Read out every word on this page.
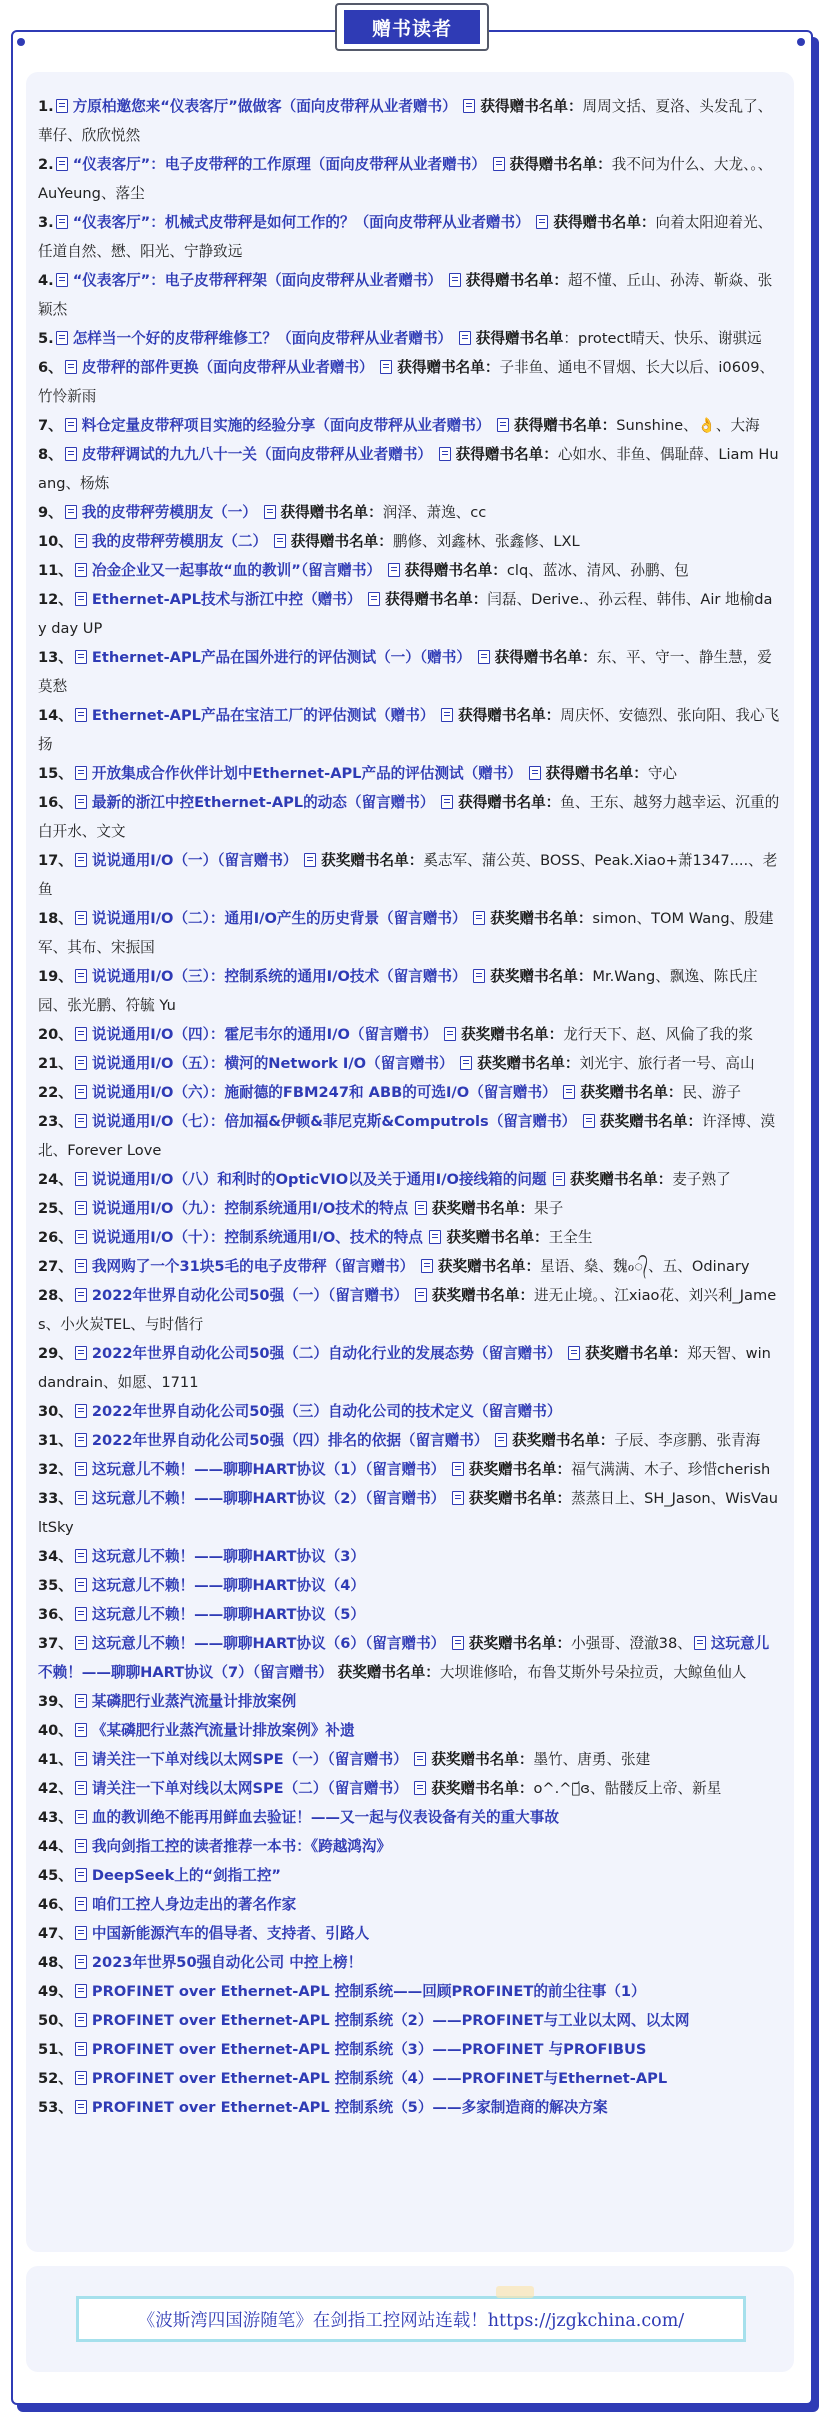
赠书读者

1. 方原柏邀您来“仪表客厅”做做客（面向皮带秤从业者赠书） 获得赠书名单：周周文括、夏洛、头发乱了、華仔、欣欣悦然

2. “仪表客厅”：电子皮带秤的工作原理（面向皮带秤从业者赠书） 获得赠书名单：我不问为什么、大龙、。、AuYeung、落尘

3. “仪表客厅”：机械式皮带秤是如何工作的？（面向皮带秤从业者赠书） 获得赠书名单：向着太阳迎着光、任道自然、懋、阳光、宁静致远

4. “仪表客厅”：电子皮带秤秤架（面向皮带秤从业者赠书） 获得赠书名单：超不懂、丘山、孙涛、靳焱、张颖杰

5. 怎样当一个好的皮带秤维修工？（面向皮带秤从业者赠书） 获得赠书名单：protect晴天、快乐、谢骐远

6、 皮带秤的部件更换（面向皮带秤从业者赠书） 获得赠书名单：子非鱼、通电不冒烟、长大以后、i0609、竹怜新雨

7、 料仓定量皮带秤项目实施的经验分享（面向皮带秤从业者赠书） 获得赠书名单：Sunshine、👌、大海

8、 皮带秤调试的九九八十一关（面向皮带秤从业者赠书） 获得赠书名单：心如水、非鱼、偶耻薛、Liam Huang、杨炼

9、 我的皮带秤劳模朋友（一） 获得赠书名单：润泽、萧逸、cc

10、 我的皮带秤劳模朋友（二） 获得赠书名单：鹏修、刘鑫林、张鑫修、LXL

11、 冶金企业又一起事故“血的教训”（留言赠书） 获得赠书名单：clq、蓝冰、清风、孙鹏、包

12、 Ethernet-APL技术与浙江中控（赠书） 获得赠书名单：闫磊、Derive.、孙云程、韩伟、Air 地榆day day UP

13、 Ethernet-APL产品在国外进行的评估测试（一）（赠书） 获得赠书名单：东、平、守一、静生慧，爱莫愁

14、 Ethernet-APL产品在宝洁工厂的评估测试（赠书） 获得赠书名单：周庆怀、安德烈、张向阳、我心飞扬

15、 开放集成合作伙伴计划中Ethernet-APL产品的评估测试（赠书） 获得赠书名单：守心

16、 最新的浙江中控Ethernet-APL的动态（留言赠书） 获得赠书名单：鱼、王东、越努力越幸运、沉重的白开水、文文

17、 说说通用I/O（一）（留言赠书） 获奖赠书名单：奚志军、蒲公英、BOSS、Peak.Xiao+萧1347....、老鱼

18、 说说通用I/O（二）：通用I/O产生的历史背景（留言赠书） 获奖赠书名单：simon、TOM Wang、殷建军、其布、宋振国

19、 说说通用I/O（三）：控制系统的通用I/O技术（留言赠书） 获奖赠书名单：Mr.Wang、飘逸、陈氏庄园、张光鹏、符毓 Yu

20、 说说通用I/O（四）：霍尼韦尔的通用I/O（留言赠书） 获奖赠书名单：龙行天下、赵、风倫了我的浆

21、 说说通用I/O（五）：横河的Network I/O（留言赠书） 获奖赠书名单：刘光宇、旅行者一号、高山

22、 说说通用I/O（六）：施耐德的FBM247和 ABB的可选I/O（留言赠书） 获奖赠书名单：民、游子

23、 说说通用I/O（七）：倍加福&伊顿&菲尼克斯&Computrols（留言赠书） 获奖赠书名单：许泽博、漠北、Forever Love

24、 说说通用I/O（八）和利时的OpticVIO以及关于通用I/O接线箱的问题 获奖赠书名单：麦子熟了

25、 说说通用I/O（九）：控制系统通用I/O技术的特点 获奖赠书名单：果子

26、 说说通用I/O（十）：控制系统通用I/O、技术的特点 获奖赠书名单：王全生

27、 我网购了一个31块5毛的电子皮带秤（留言赠书） 获奖赠书名单：星语、燊、魏ℴ᭄、五、Odinary

28、 2022年世界自动化公司50强（一）（留言赠书） 获奖赠书名单：进无止境。、江xiao花、刘兴利_James、小火炭TEL、与时偕行

29、 2022年世界自动化公司50强（二）自动化行业的发展态势（留言赠书） 获奖赠书名单：郑天智、windandrain、如愿、1711

30、 2022年世界自动化公司50强（三）自动化公司的技术定义（留言赠书）

31、 2022年世界自动化公司50强（四）排名的依据（留言赠书） 获奖赠书名单：子辰、李彦鹏、张青海

32、 这玩意儿不赖！——聊聊HART协议（1）（留言赠书） 获奖赠书名单：福气满满、木子、珍惜cherish

33、 这玩意儿不赖！——聊聊HART协议（2）（留言赠书） 获奖赠书名单：蒸蒸日上、SH_Jason、WisVaultSky

34、 这玩意儿不赖！——聊聊HART协议（3）

35、 这玩意儿不赖！——聊聊HART协议（4）

36、 这玩意儿不赖！——聊聊HART协议（5）

37、 这玩意儿不赖！——聊聊HART协议（6）（留言赠书） 获奖赠书名单：小强哥、澄澈38、 这玩意儿不赖！——聊聊HART协议（7）（留言赠书） 获奖赠书名单：大坝谁修哈，布鲁艾斯外号朵拉贡，大鲸鱼仙人

39、 某磷肥行业蒸汽流量计排放案例

40、 《某磷肥行业蒸汽流量计排放案例》补遗

41、 请关注一下单对线以太网SPE（一）（留言赠书） 获奖赠书名单：墨竹、唐勇、张建

42、 请关注一下单对线以太网SPE（二）（留言赠书） 获奖赠书名单：ᴏ^.^辉᷄ɞ、骷髅反上帝、新星

43、 血的教训绝不能再用鲜血去验证！——又一起与仪表设备有关的重大事故

44、 我向剑指工控的读者推荐一本书：《跨越鸿沟》

45、 DeepSeek上的“剑指工控”

46、 咱们工控人身边走出的著名作家

47、 中国新能源汽车的倡导者、支持者、引路人

48、 2023年世界50强自动化公司 中控上榜！

49、 PROFINET over Ethernet-APL 控制系统——回顾PROFINET的前尘往事（1）

50、 PROFINET over Ethernet-APL 控制系统（2）——PROFINET与工业以太网、以太网

51、 PROFINET over Ethernet-APL 控制系统（3）——PROFINET 与PROFIBUS

52、 PROFINET over Ethernet-APL 控制系统（4）——PROFINET与Ethernet-APL

53、 PROFINET over Ethernet-APL 控制系统（5）——多家制造商的解决方案

《波斯湾四国游随笔》在剑指工控网站连载！https://jzgkchina.com/
